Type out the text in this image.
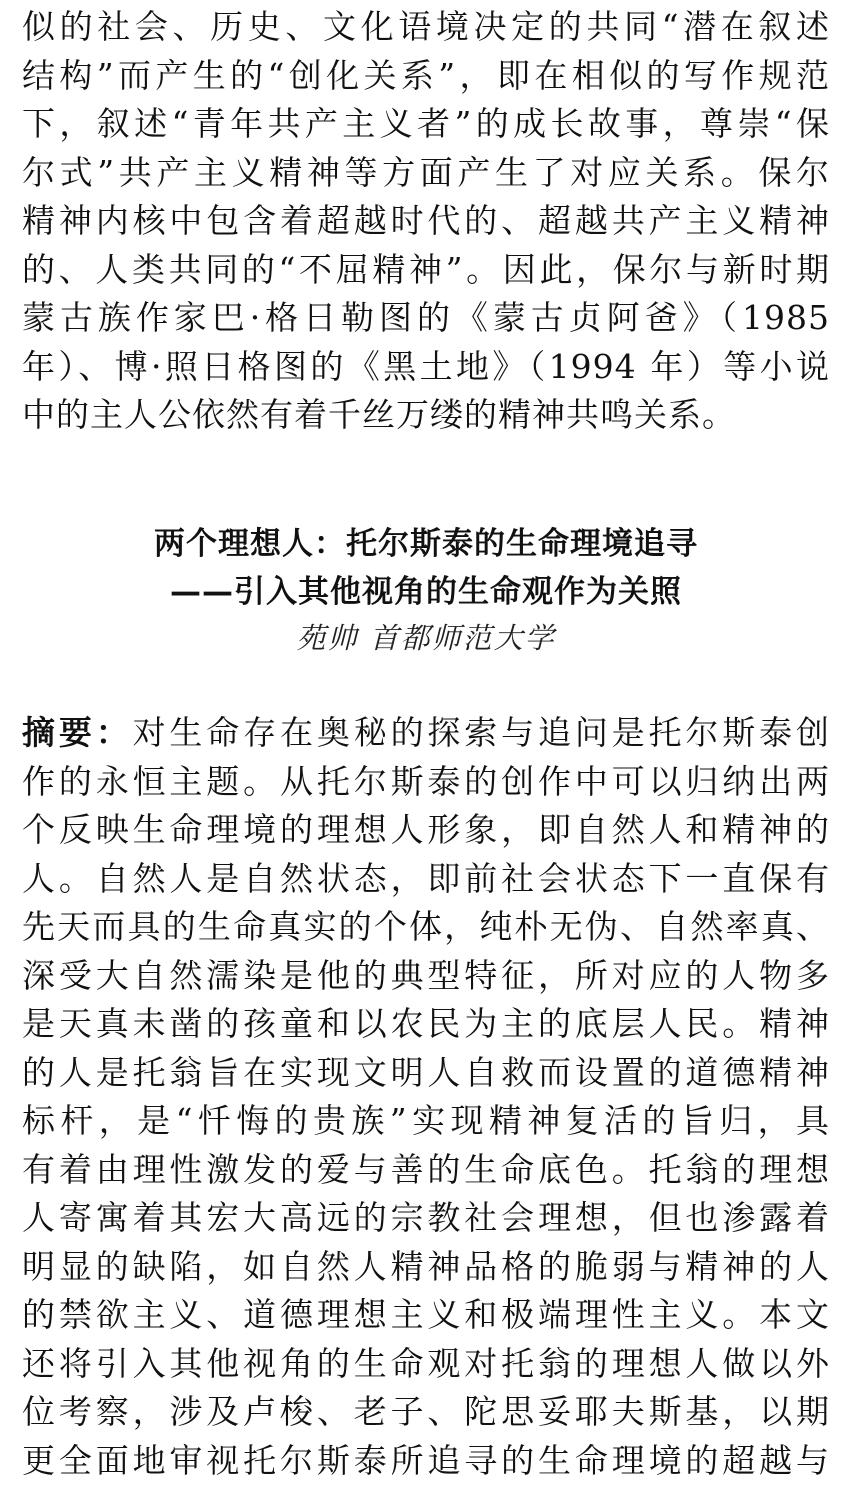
似的社会、历史、文化语境决定的共同“潜在叙述
结构”而产生的“创化关系”，即在相似的写作规范
下，叙述“青年共产主义者”的成长故事，尊崇“保
尔式”共产主义精神等方面产生了对应关系。保尔
精神内核中包含着超越时代的、超越共产主义精神
的、人类共同的“不屈精神”。因此，保尔与新时期
蒙古族作家巴·格日勒图的《蒙古贞阿爸》（1985
年）、博·照日格图的《黑土地》（1994 年）等小说
中的主人公依然有着千丝万缕的精神共鸣关系。
两个理想人：托尔斯泰的生命理境追寻
——引入其他视角的生命观作为关照
苑帅 首都师范大学
摘要：对生命存在奥秘的探索与追问是托尔斯泰创
作的永恒主题。从托尔斯泰的创作中可以归纳出两
个反映生命理境的理想人形象，即自然人和精神的
人。自然人是自然状态，即前社会状态下一直保有
先天而具的生命真实的个体，纯朴无伪、自然率真、
深受大自然濡染是他的典型特征，所对应的人物多
是天真未凿的孩童和以农民为主的底层人民。精神
的人是托翁旨在实现文明人自救而设置的道德精神
标杆，是“忏悔的贵族”实现精神复活的旨归，具
有着由理性激发的爱与善的生命底色。托翁的理想
人寄寓着其宏大高远的宗教社会理想，但也渗露着
明显的缺陷，如自然人精神品格的脆弱与精神的人
的禁欲主义、道德理想主义和极端理性主义。本文
还将引入其他视角的生命观对托翁的理想人做以外
位考察，涉及卢梭、老子、陀思妥耶夫斯基，以期
更全面地审视托尔斯泰所追寻的生命理境的超越与
